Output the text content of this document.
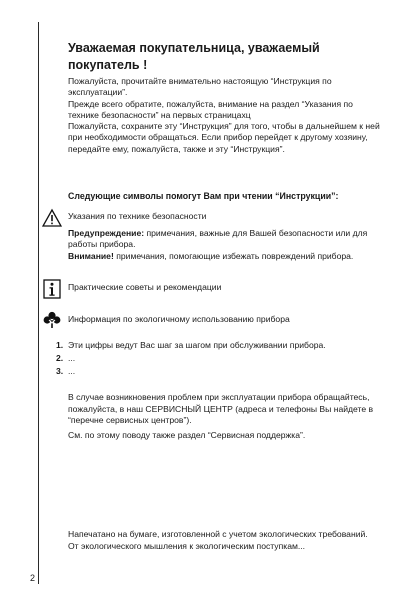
Уважаемая покупательница, уважаемый
покупатель !

Пожалуйста, прочитайте внимательно настоящую “Инструкция по эксплуатации”.

Прежде всего обратите, пожалуйста, внимание на раздел “Указания по технике безопасности” на первых страницахц

Пожалуйста, сохраните эту “Инструкция” для того, чтобы в дальнейшем к ней при необходимости обращаться. Если прибор перейдет к другому хозяину, передайте ему, пожалуйста, также и эту “Инструкция”.

Следующие символы помогут Вам при чтении “Инструкции”:
Указания по технике безопасности
Предупреждение: примечания, важные для Вашей безопасности или для работы прибора.
Внимание! примечания, помогающие избежать повреждений прибора.
Практические советы и рекомендации
Информация по экологичному использованию прибора
1. Эти цифры ведут Вас шаг за шагом при обслуживании прибора.
2. ...
3. ...

В случае возникновения проблем при эксплуатации прибора обращайтесь, пожалуйста, в наш СЕРВИСНЫЙ ЦЕНТР (адреса и телефоны Вы найдете в “перечне сервисных центров”).

См. по этому поводу также раздел “Сервисная поддержка”.

Напечатано на бумаге, изготовленной с учетом экологических требований.

От экологического мышления к экологическим поступкам...

2
